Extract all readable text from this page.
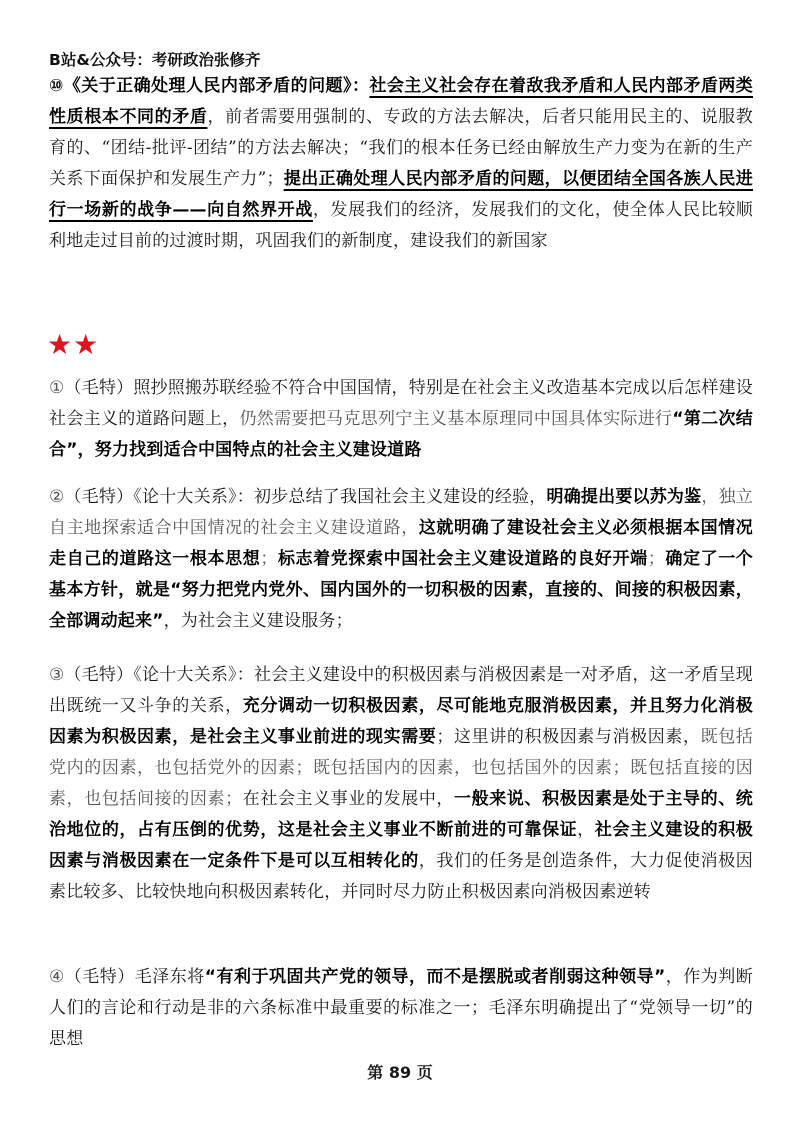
B站&公众号：考研政治张修齐
⑩《关于正确处理人民内部矛盾的问题》：社会主义社会存在着敌我矛盾和人民内部矛盾两类性质根本不同的矛盾，前者需要用强制的、专政的方法去解决，后者只能用民主的、说服教育的、“团结-批评-团结”的方法去解决；“我们的根本任务已经由解放生产力变为在新的生产关系下面保护和发展生产力”；提出正确处理人民内部矛盾的问题，以便团结全国各族人民进行一场新的战争——向自然界开战，发展我们的经济，发展我们的文化，使全体人民比较顺利地走过目前的过渡时期，巩固我们的新制度，建设我们的新国家
★★
①（毛特）照抄照搬苏联经验不符合中国国情，特别是在社会主义改造基本完成以后怎样建设社会主义的道路问题上，仍然需要把马克思列宁主义基本原理同中国具体实际进行“第二次结合”，努力找到适合中国特点的社会主义建设道路
②（毛特）《论十大关系》：初步总结了我国社会主义建设的经验，明确提出要以苏为鉴，独立自主地探索适合中国情况的社会主义建设道路，这就明确了建设社会主义必须根据本国情况走自己的道路这一根本思想；标志着党探索中国社会主义建设道路的良好开端；确定了一个基本方针，就是“努力把党内党外、国内国外的一切积极的因素，直接的、间接的积极因素，全部调动起来”，为社会主义建设服务；
③（毛特）《论十大关系》：社会主义建设中的积极因素与消极因素是一对矛盾，这一矛盾呈现出既统一又斗争的关系，充分调动一切积极因素，尽可能地克服消极因素，并且努力化消极因素为积极因素，是社会主义事业前进的现实需要；这里讲的积极因素与消极因素，既包括党内的因素，也包括党外的因素；既包括国内的因素，也包括国外的因素；既包括直接的因素，也包括间接的因素；在社会主义事业的发展中，一般来说、积极因素是处于主导的、统治地位的，占有压倒的优势，这是社会主义事业不断前进的可靠保证，社会主义建设的积极因素与消极因素在一定条件下是可以互相转化的，我们的任务是创造条件，大力促使消极因素比较多、比较快地向积极因素转化，并同时尽力防止积极因素向消极因素逆转
④（毛特）毛泽东将“有利于巩固共产党的领导，而不是摆脱或者削弱这种领导”，作为判断人们的言论和行动是非的六条标准中最重要的标准之一；毛泽东明确提出了“党领导一切”的思想
第 89 页
